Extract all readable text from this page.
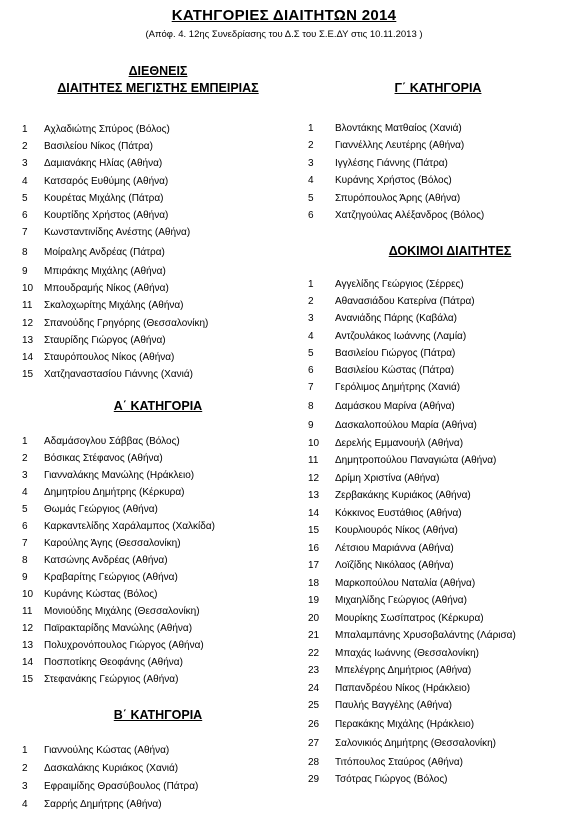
ΚΑΤΗΓΟΡΙΕΣ ΔΙΑΙΤΗΤΩΝ 2014
(Απόφ. 4. 12ης Συνεδρίασης του Δ.Σ του Σ.Ε.ΔΥ στις 10.11.2013 )
ΔΙΕΘΝΕΙΣ
ΔΙΑΙΤΗΤΕΣ ΜΕΓΙΣΤΗΣ ΕΜΠΕΙΡΙΑΣ
1 Αχλαδιώτης Σπύρος (Βόλος)
2 Βασιλείου Νίκος (Πάτρα)
3 Δαμιανάκης Ηλίας (Αθήνα)
4 Κατσαρός Ευθύμης (Αθήνα)
5 Κουρέτας Μιχάλης (Πάτρα)
6 Κουρτίδης Χρήστος (Αθήνα)
7 Κωνσταντινίδης Ανέστης (Αθήνα)
8 Μοίραλης Ανδρέας (Πάτρα)
9 Μπιράκης Μιχάλης (Αθήνα)
10 Μπουδραμής Νίκος (Αθήνα)
11 Σκαλοχωρίτης Μιχάλης (Αθήνα)
12 Σπανούδης Γρηγόρης (Θεσσαλονίκη)
13 Σταυρίδης Γιώργος (Αθήνα)
14 Σταυρόπουλος Νίκος (Αθήνα)
15 Χατζηαναστασίου Γιάννης (Χανιά)
Α΄ ΚΑΤΗΓΟΡΙΑ
1 Αδαμάσογλου Σάββας (Βόλος)
2 Βόσικας Στέφανος (Αθήνα)
3 Γιανναλάκης Μανώλης (Ηράκλειο)
4 Δημητρίου Δημήτρης (Κέρκυρα)
5 Θωμάς Γεώργιος (Αθήνα)
6 Καρκαντελίδης Χαράλαμπος (Χαλκίδα)
7 Καρούλης Άγης (Θεσσαλονίκη)
8 Κατσώνης Ανδρέας (Αθήνα)
9 Κραβαρίτης Γεώργιος (Αθήνα)
10 Κυράνης Κώστας (Βόλος)
11 Μονιούδης Μιχάλης (Θεσσαλονίκη)
12 Παϊρακταρίδης Μανώλης (Αθήνα)
13 Πολυχρονόπουλος Γιώργος (Αθήνα)
14 Ποσποτίκης Θεοφάνης (Αθήνα)
15 Στεφανάκης Γεώργιος (Αθήνα)
Β΄ ΚΑΤΗΓΟΡΙΑ
1 Γιαννούλης Κώστας (Αθήνα)
2 Δασκαλάκης Κυριάκος (Χανιά)
3 Εφραιμίδης Θρασύβουλος (Πάτρα)
4 Σαρρής Δημήτρης (Αθήνα)
Γ΄ ΚΑΤΗΓΟΡΙΑ
1 Βλοντάκης Ματθαίος (Χανιά)
2 Γιαννέλλης Λευτέρης (Αθήνα)
3 Ιγγλέσης Γιάννης (Πάτρα)
4 Κυράνης Χρήστος (Βόλος)
5 Σπυρόπουλος Άρης (Αθήνα)
6 Χατζηγούλας Αλέξανδρος (Βόλος)
ΔΟΚΙΜΟΙ ΔΙΑΙΤΗΤΕΣ
1 Αγγελίδης Γεώργιος (Σέρρες)
2 Αθανασιάδου Κατερίνα (Πάτρα)
3 Ανανιάδης Πάρης (Καβάλα)
4 Αντζουλάκος Ιωάννης (Λαμία)
5 Βασιλείου Γιώργος (Πάτρα)
6 Βασιλείου Κώστας (Πάτρα)
7 Γερόλιμος Δημήτρης (Χανιά)
8 Δαμάσκου Μαρίνα (Αθήνα)
9 Δασκαλοπούλου Μαρία (Αθήνα)
10 Δερελής Εμμανουήλ (Αθήνα)
11 Δημητροπούλου Παναγιώτα (Αθήνα)
12 Δρίμη Χριστίνα (Αθήνα)
13 Ζερβακάκης Κυριάκος (Αθήνα)
14 Κόκκινος Ευστάθιος (Αθήνα)
15 Κουρλιουρός Νίκος (Αθήνα)
16 Λέτσιου Μαριάννα (Αθήνα)
17 Λοϊζίδης Νικόλαος (Αθήνα)
18 Μαρκοπούλου Ναταλία (Αθήνα)
19 Μιχαηλίδης Γεώργιος (Αθήνα)
20 Μουρίκης Σωσίπατρος (Κέρκυρα)
21 Μπαλαμπάνης Χρυσοβαλάντης (Λάρισα)
22 Μπαχάς Ιωάννης (Θεσσαλονίκη)
23 Μπελέγρης Δημήτριος (Αθήνα)
24 Παπανδρέου Νίκος (Ηράκλειο)
25 Παυλής Βαγγέλης (Αθήνα)
26 Περακάκης Μιχάλης (Ηράκλειο)
27 Σαλονικιός Δημήτρης (Θεσσαλονίκη)
28 Τιτόπουλος Σταύρος (Αθήνα)
29 Τσότρας Γιώργος (Βόλος)
